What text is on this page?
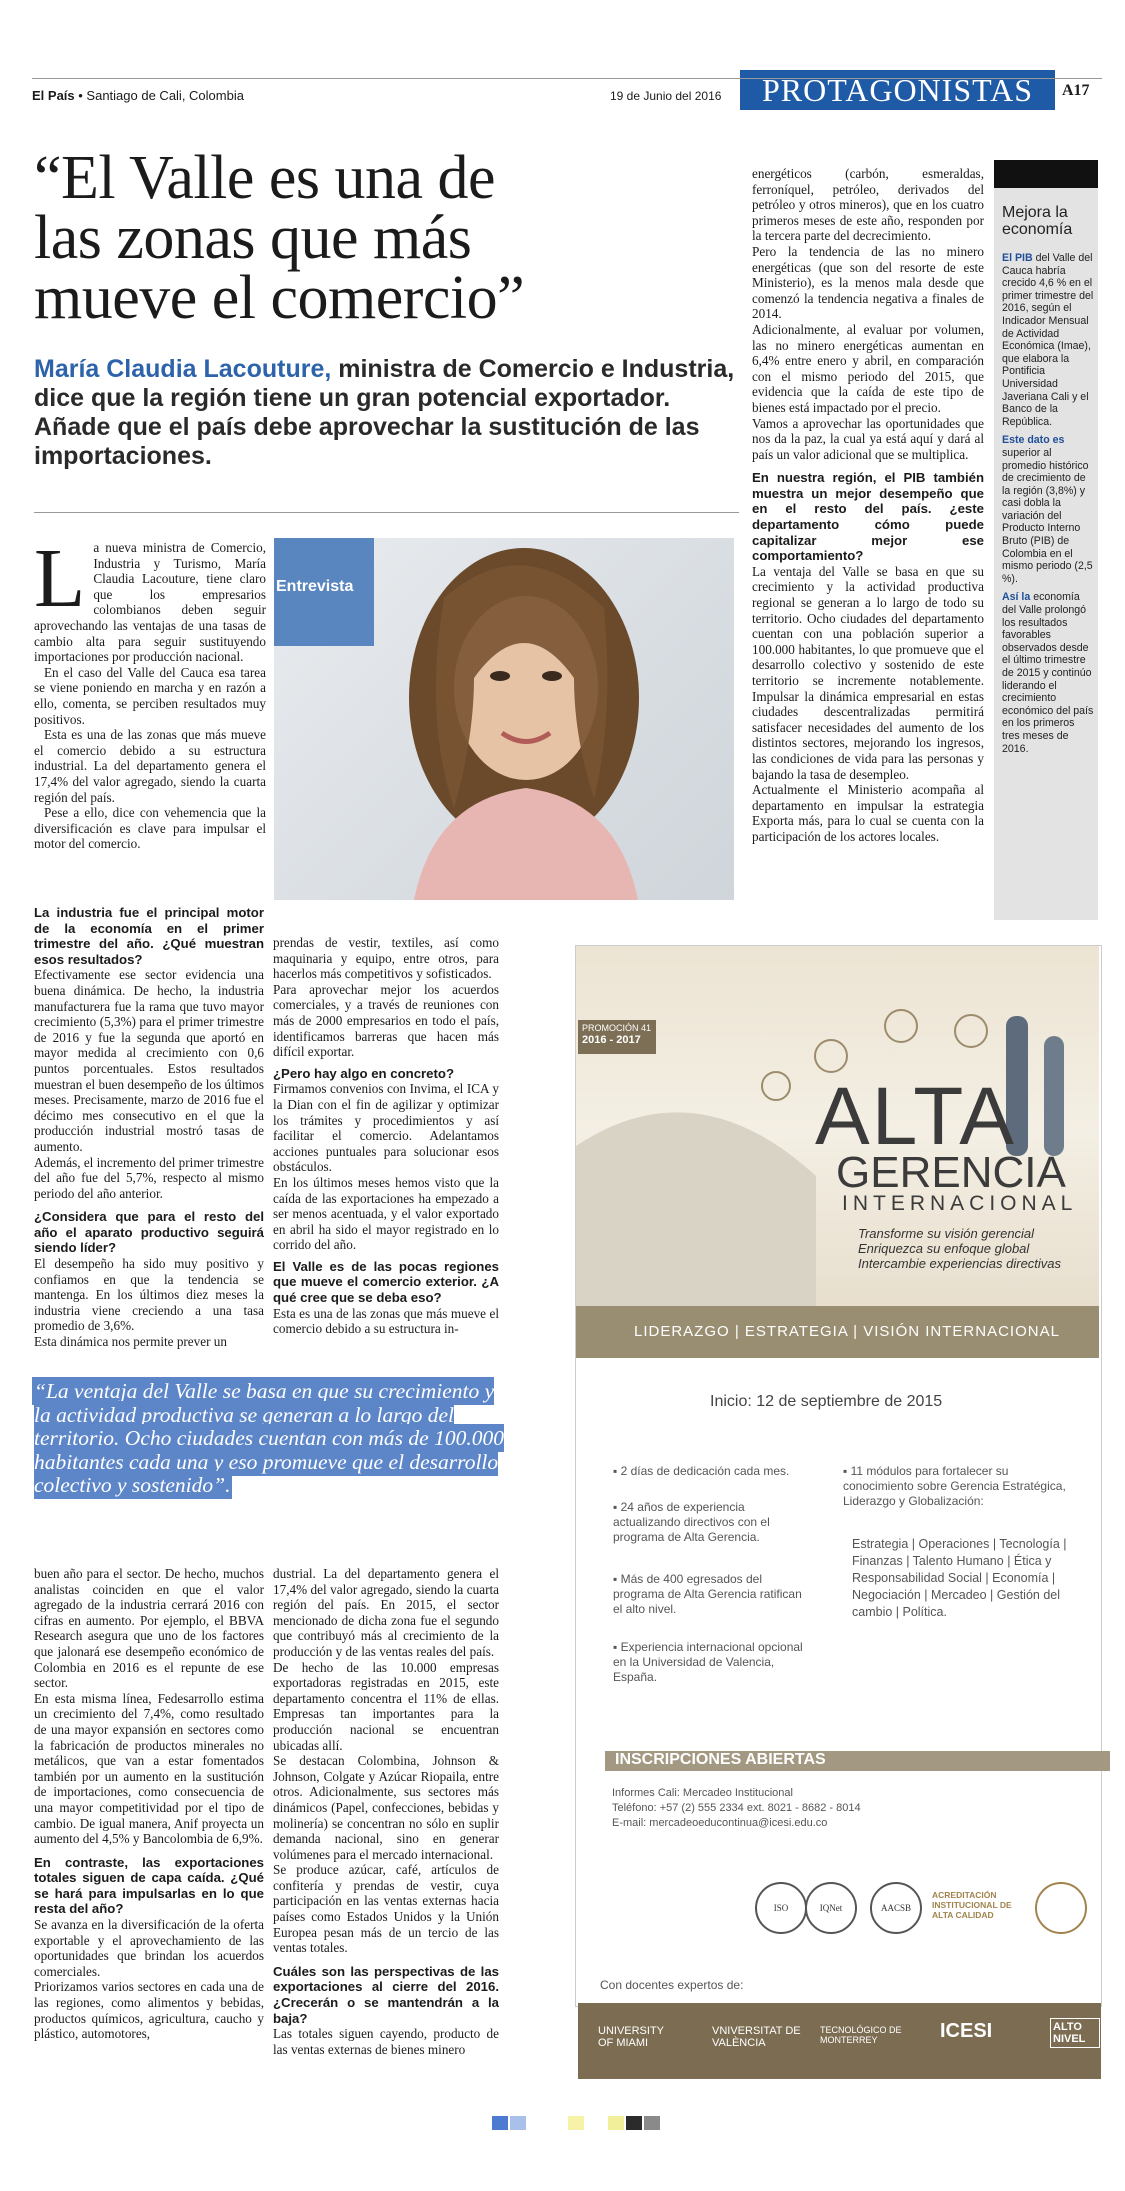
El País • Santiago de Cali, Colombia	19 de Junio del 2016	PROTAGONISTAS	A17
“El Valle es una de
las zonas que más
mueve el comercio”
María Claudia Lacouture, ministra de Comercio e Industria, dice que la región tiene un gran potencial exportador. Añade que el país debe aprovechar la sustitución de las importaciones.
Entrevista

La nueva ministra de Comercio, Industria y Turismo, María Claudia Lacouture, tiene claro que los empresarios colombianos deben seguir aprovechando las ventajas de una tasas de cambio alta para seguir sustituyendo importaciones por producción nacional.

En el caso del Valle del Cauca esa tarea se viene poniendo en marcha y en razón a ello, comenta, se perciben resultados muy positivos.

Esta es una de las zonas que más mueve el comercio debido a su estructura industrial. La del departamento genera el 17,4% del valor agregado, siendo la cuarta región del país.

Pese a ello, dice con vehemencia que la diversificación es clave para impulsar el motor del comercio.

La industria fue el principal motor de la economía en el primer trimestre del año. ¿Qué muestran esos resultados?

Efectivamente ese sector evidencia una buena dinámica. De hecho, la industria manufacturera fue la rama que tuvo mayor crecimiento (5,3%) para el primer trimestre de 2016 y fue la segunda que aportó en mayor medida al crecimiento con 0,6 puntos porcentuales. Estos resultados muestran el buen desempeño de los últimos meses. Precisamente, marzo de 2016 fue el décimo mes consecutivo en el que la producción industrial mostró tasas de aumento.

Además, el incremento del primer trimestre del año fue del 5,7%, respecto al mismo periodo del año anterior.

¿Considera que para el resto del año el aparato productivo seguirá siendo líder?

El desempeño ha sido muy positivo y confiamos en que la tendencia se mantenga. En los últimos diez meses la industria viene creciendo a una tasa promedio de 3,6%.

Esta dinámica nos permite prever un

prendas de vestir, textiles, así como maquinaria y equipo, entre otros, para hacerlos más competitivos y sofisticados.

Para aprovechar mejor los acuerdos comerciales, y a través de reuniones con más de 2000 empresarios en todo el país, identificamos barreras que hacen más difícil exportar.

¿Pero hay algo en concreto?

Firmamos convenios con Invima, el ICA y la Dian con el fin de agilizar y optimizar los trámites y procedimientos y así facilitar el comercio. Adelantamos acciones puntuales para solucionar esos obstáculos.

En los últimos meses hemos visto que la caída de las exportaciones ha empezado a ser menos acentuada, y el valor exportado en abril ha sido el mayor registrado en lo corrido del año.

El Valle es de las pocas regiones que mueve el comercio exterior. ¿A qué cree que se deba eso?

Esta es una de las zonas que más mueve el comercio debido a su estructura in-

“La ventaja del Valle se basa en que su crecimiento y la actividad productiva se generan a lo largo del territorio. Ocho ciudades cuentan con más de 100.000 habitantes cada una y eso promueve que el desarrollo colectivo y sostenido”.

buen año para el sector. De hecho, muchos analistas coinciden en que el valor agregado de la industria cerrará 2016 con cifras en aumento. Por ejemplo, el BBVA Research asegura que uno de los factores que jalonará ese desempeño económico de Colombia en 2016 es el repunte de ese sector.

En esta misma línea, Fedesarrollo estima un crecimiento del 7,4%, como resultado de una mayor expansión en sectores como la fabricación de productos minerales no metálicos, que van a estar fomentados también por un aumento en la sustitución de importaciones, como consecuencia de una mayor competitividad por el tipo de cambio. De igual manera, Anif proyecta un aumento del 4,5% y Bancolombia de 6,9%.

En contraste, las exportaciones totales siguen de capa caída. ¿Qué se hará para impulsarlas en lo que resta del año?

Se avanza en la diversificación de la oferta exportable y el aprovechamiento de las oportunidades que brindan los acuerdos comerciales.

Priorizamos varios sectores en cada una de las regiones, como alimentos y bebidas, productos químicos, agricultura, caucho y plástico, automotores,

dustrial. La del departamento genera el 17,4% del valor agregado, siendo la cuarta región del país. En 2015, el sector mencionado de dicha zona fue el segundo que contribuyó más al crecimiento de la producción y de las ventas reales del país.

De hecho de las 10.000 empresas exportadoras registradas en 2015, este departamento concentra el 11% de ellas. Empresas tan importantes para la producción nacional se encuentran ubicadas allí.

Se destacan Colombina, Johnson & Johnson, Colgate y Azúcar Riopaila, entre otros. Adicionalmente, sus sectores más dinámicos (Papel, confecciones, bebidas y molinería) se concentran no sólo en suplir demanda nacional, sino en generar volúmenes para el mercado internacional.

Se produce azúcar, café, artículos de confitería y prendas de vestir, cuya participación en las ventas externas hacia países como Estados Unidos y la Unión Europea pesan más de un tercio de las ventas totales.

Cuáles son las perspectivas de las exportaciones al cierre del 2016. ¿Crecerán o se mantendrán a la baja?

Las totales siguen cayendo, producto de las ventas externas de bienes minero

energéticos (carbón, esmeraldas, ferroníquel, petróleo, derivados del petróleo y otros mineros), que en los cuatro primeros meses de este año, responden por la tercera parte del decrecimiento.

Pero la tendencia de las no minero energéticas (que son del resorte de este Ministerio), es la menos mala desde que comenzó la tendencia negativa a finales de 2014.

Adicionalmente, al evaluar por volumen, las no minero energéticas aumentan en 6,4% entre enero y abril, en comparación con el mismo periodo del 2015, que evidencia que la caída de este tipo de bienes está impactado por el precio.

Vamos a aprovechar las oportunidades que nos da la paz, la cual ya está aquí y dará al país un valor adicional que se multiplica.

En nuestra región, el PIB también muestra un mejor desempeño que en el resto del país. ¿este departamento cómo puede capitalizar mejor ese comportamiento?

La ventaja del Valle se basa en que su crecimiento y la actividad productiva regional se generan a lo largo de todo su territorio. Ocho ciudades del departamento cuentan con una población superior a 100.000 habitantes, lo que promueve que el desarrollo colectivo y sostenido de este territorio se incremente notablemente. Impulsar la dinámica empresarial en estas ciudades descentralizadas permitirá satisfacer necesidades del aumento de los distintos sectores, mejorando los ingresos, las condiciones de vida para las personas y bajando la tasa de desempleo.

Actualmente el Ministerio acompaña al departamento en impulsar la estrategia Exporta más, para lo cual se cuenta con la participación de los actores locales.

Mejora la economía
El PIB del Valle del Cauca habría crecido 4,6 % en el primer trimestre del 2016, según el Indicador Mensual de Actividad Económica (Imae), que elabora la Pontificia Universidad Javeriana Cali y el Banco de la República.
Este dato es superior al promedio histórico de crecimiento de la región (3,8%) y casi dobla la variación del Producto Interno Bruto (PIB) de Colombia en el mismo periodo (2,5 %).
Así la economía del Valle prolongó los resultados favorables observados desde el último trimestre de 2015 y continúo liderando el crecimiento económico del país en los primeros tres meses de 2016.
PROMOCIÓN 41
2016 - 2017
ALTA
GERENCIA
INTERNACIONAL
Transforme su visión gerencial
Enriquezca su enfoque global
Intercambie experiencias directivas
LIDERAZGO | ESTRATEGIA | VISIÓN INTERNACIONAL
Inicio: 12 de septiembre de 2015
▪ 2 días de dedicación cada mes.
▪ 24 años de experiencia actualizando directivos con el programa de Alta Gerencia.
▪ Más de 400 egresados del programa de Alta Gerencia ratifican el alto nivel.
▪ Experiencia internacional opcional en la Universidad de Valencia, España.
▪ 11 módulos para fortalecer su conocimiento sobre Gerencia Estratégica, Liderazgo y Globalización:
Estrategia | Operaciones | Tecnología | Finanzas | Talento Humano | Ética y Responsabilidad Social | Economía | Negociación | Mercadeo | Gestión del cambio | Política.
INSCRIPCIONES ABIERTAS
Informes Cali: Mercadeo Institucional
Teléfono: +57 (2) 555 2334 ext. 8021 - 8682 - 8014
E-mail: mercadeoeducontinua@icesi.edu.co
ISO	IQNet	AACSB
ACREDITACIÓN INSTITUCIONAL DE ALTA CALIDAD
Con docentes expertos de:
UNIVERSITY OF MIAMI
VNIVERSITAT DE VALÈNCIA
TECNOLÓGICO DE MONTERREY	ICESI	ALTO NIVEL
